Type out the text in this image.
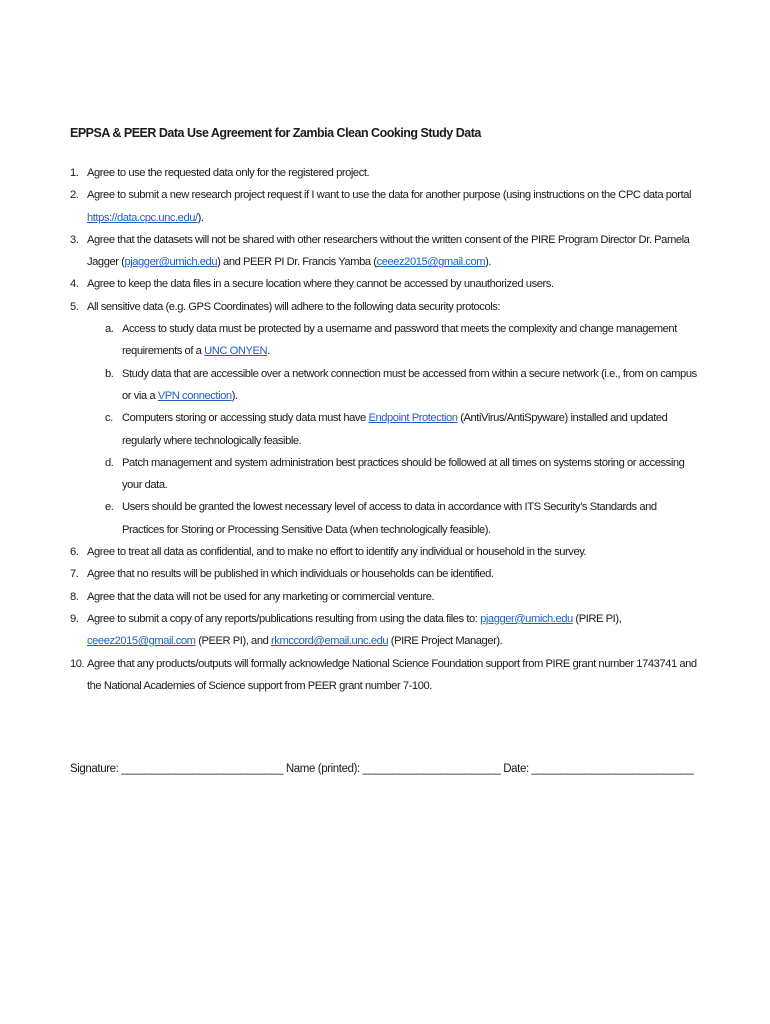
EPPSA & PEER Data Use Agreement for Zambia Clean Cooking Study Data
1. Agree to use the requested data only for the registered project.
2. Agree to submit a new research project request if I want to use the data for another purpose (using instructions on the CPC data portal https://data.cpc.unc.edu/).
3. Agree that the datasets will not be shared with other researchers without the written consent of the PIRE Program Director Dr. Pamela Jagger (pjagger@umich.edu) and PEER PI Dr. Francis Yamba (ceeez2015@gmail.com).
4. Agree to keep the data files in a secure location where they cannot be accessed by unauthorized users.
5. All sensitive data (e.g. GPS Coordinates) will adhere to the following data security protocols:
a. Access to study data must be protected by a username and password that meets the complexity and change management requirements of a UNC ONYEN.
b. Study data that are accessible over a network connection must be accessed from within a secure network (i.e., from on campus or via a VPN connection).
c. Computers storing or accessing study data must have Endpoint Protection (AntiVirus/AntiSpyware) installed and updated regularly where technologically feasible.
d. Patch management and system administration best practices should be followed at all times on systems storing or accessing your data.
e. Users should be granted the lowest necessary level of access to data in accordance with ITS Security’s Standards and Practices for Storing or Processing Sensitive Data (when technologically feasible).
6. Agree to treat all data as confidential, and to make no effort to identify any individual or household in the survey.
7. Agree that no results will be published in which individuals or households can be identified.
8. Agree that the data will not be used for any marketing or commercial venture.
9. Agree to submit a copy of any reports/publications resulting from using the data files to: pjagger@umich.edu (PIRE PI), ceeez2015@gmail.com (PEER PI), and rkmccord@email.unc.edu (PIRE Project Manager).
10. Agree that any products/outputs will formally acknowledge National Science Foundation support from PIRE grant number 1743741 and the National Academies of Science support from PEER grant number 7-100.
Signature: ___________________________ Name (printed): _______________________ Date: ___________________________
